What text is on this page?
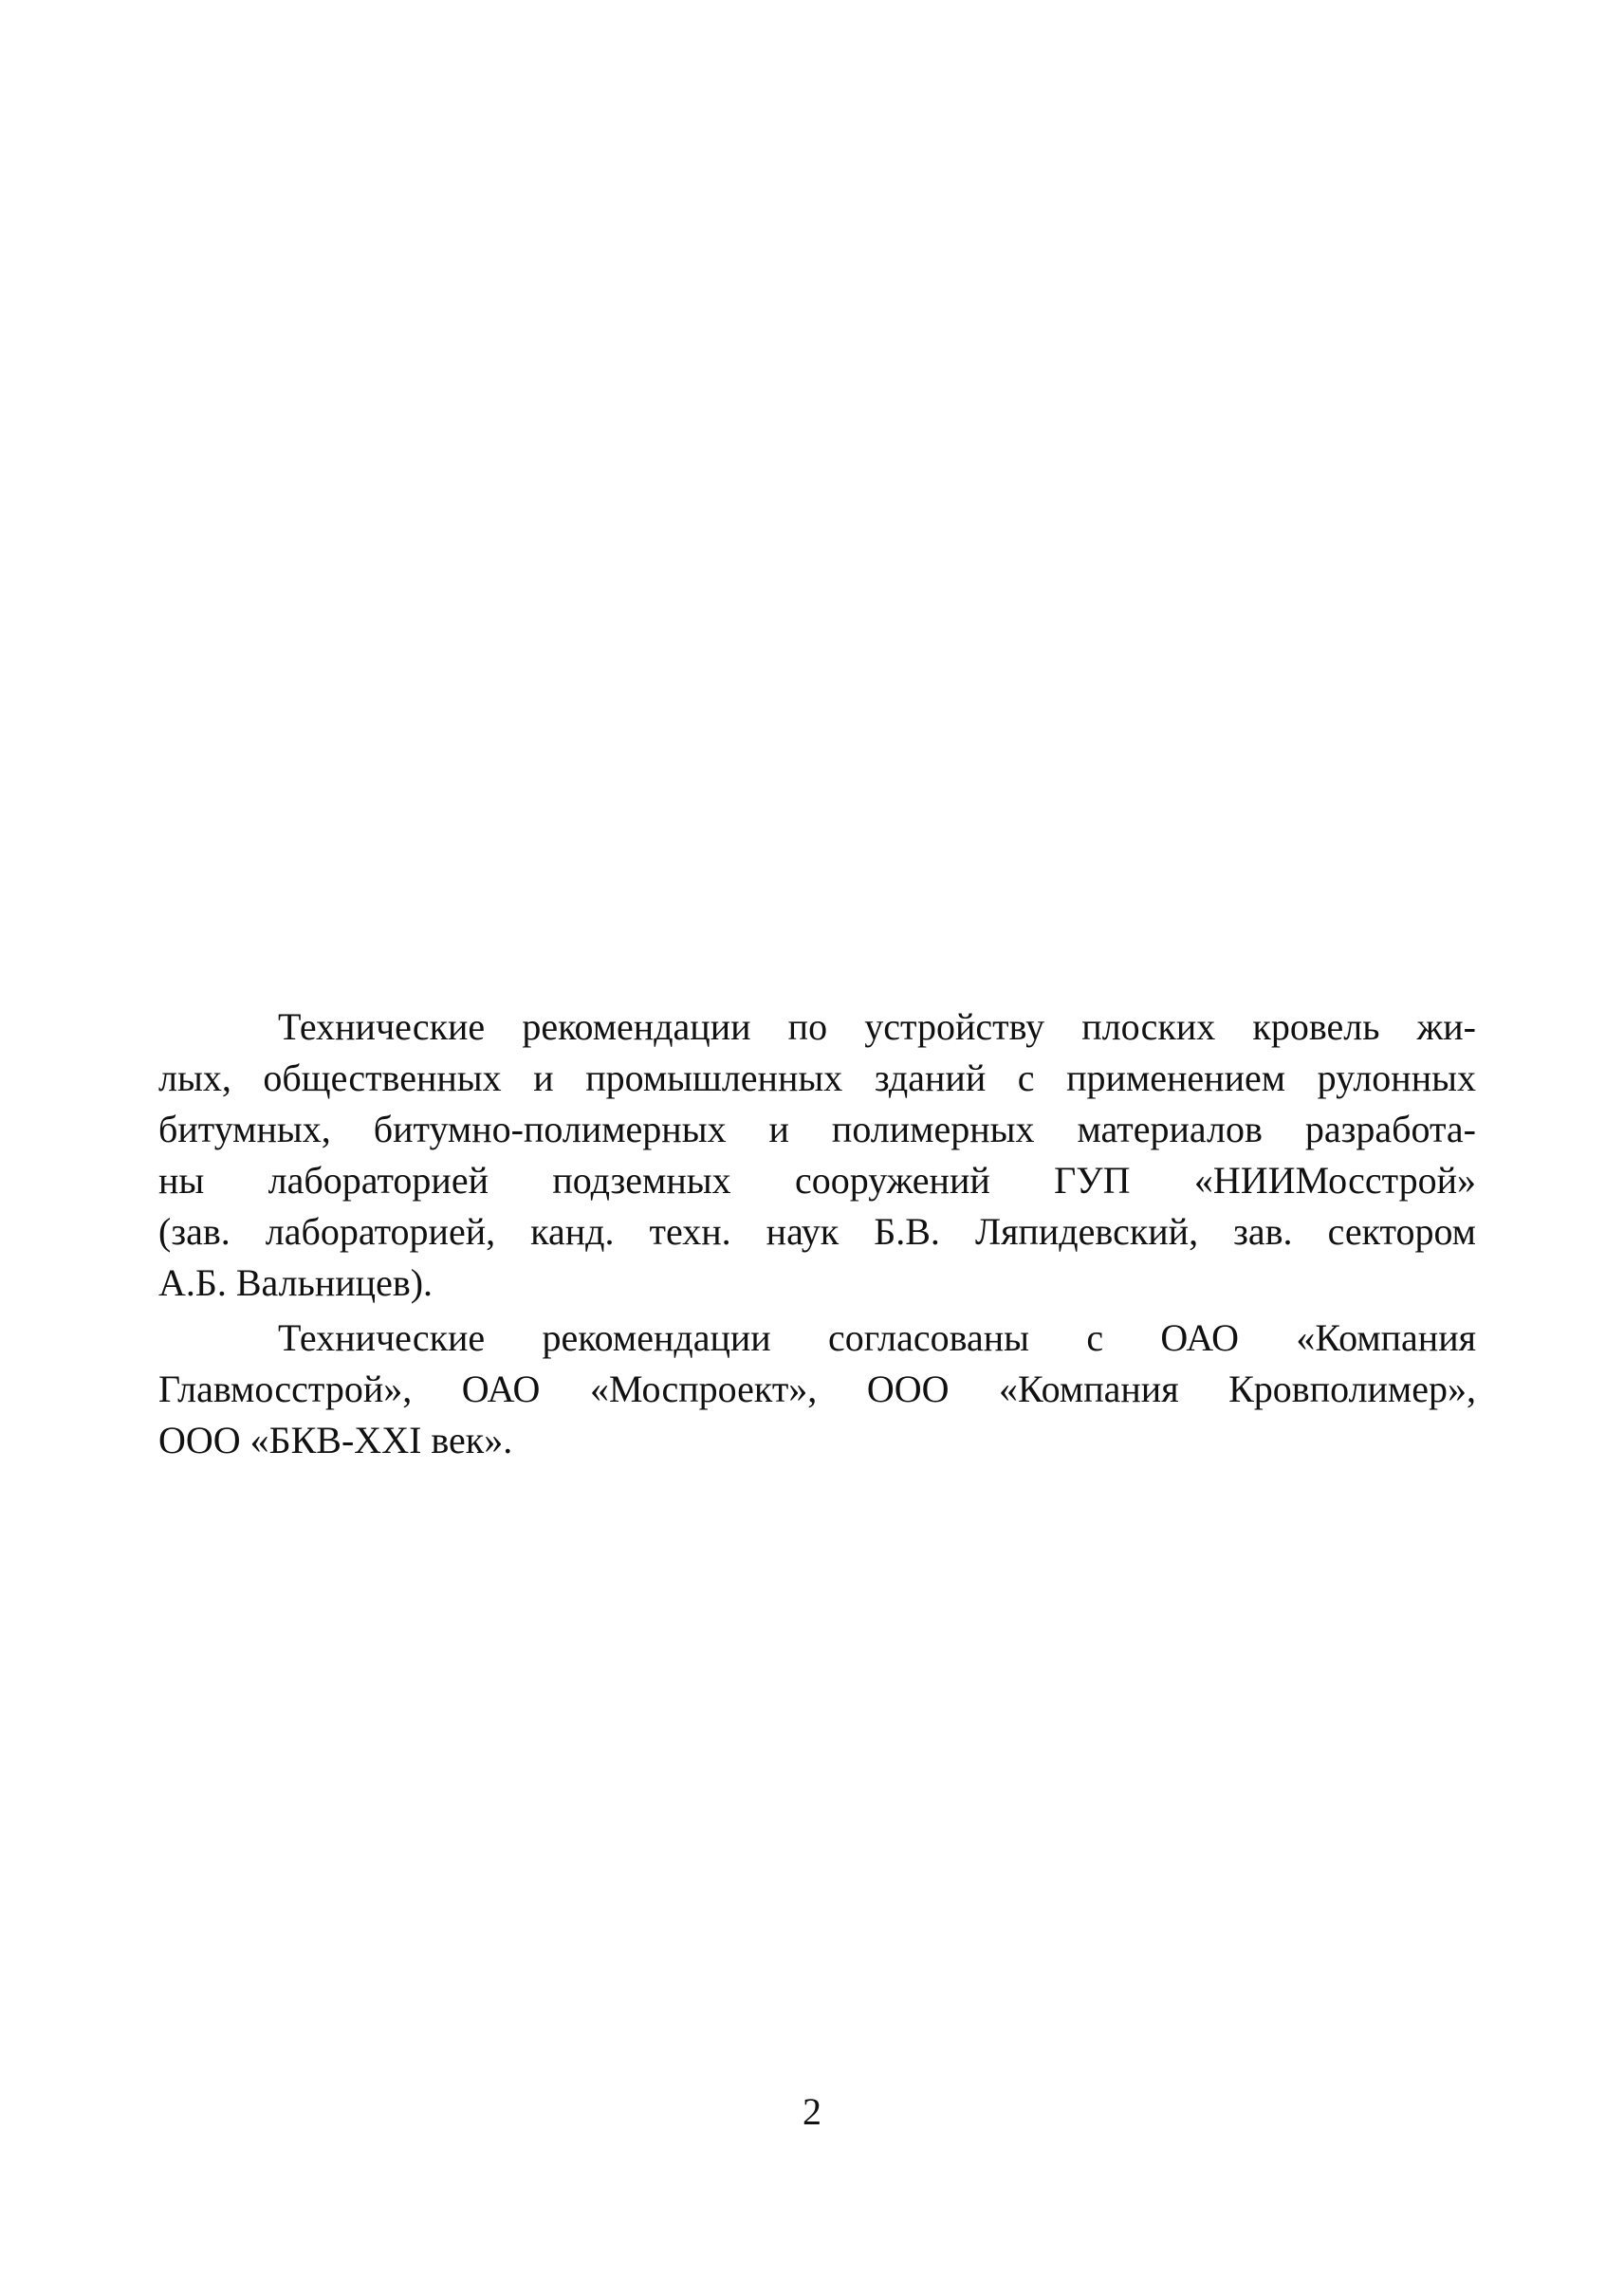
Технические рекомендации по устройству плоских кровель жи-
лых, общественных и промышленных зданий с применением рулонных
битумных, битумно-полимерных и полимерных материалов разработа-
ны лабораторией подземных сооружений ГУП «НИИМосстрой»
(зав. лабораторией, канд. техн. наук Б.В. Ляпидевский, зав. сектором
А.Б. Вальницев).

Технические рекомендации согласованы с ОАО «Компания
Главмосстрой», ОАО «Моспроект», ООО «Компания Кровполимер»,
ООО «БКВ-XXI век».

2
